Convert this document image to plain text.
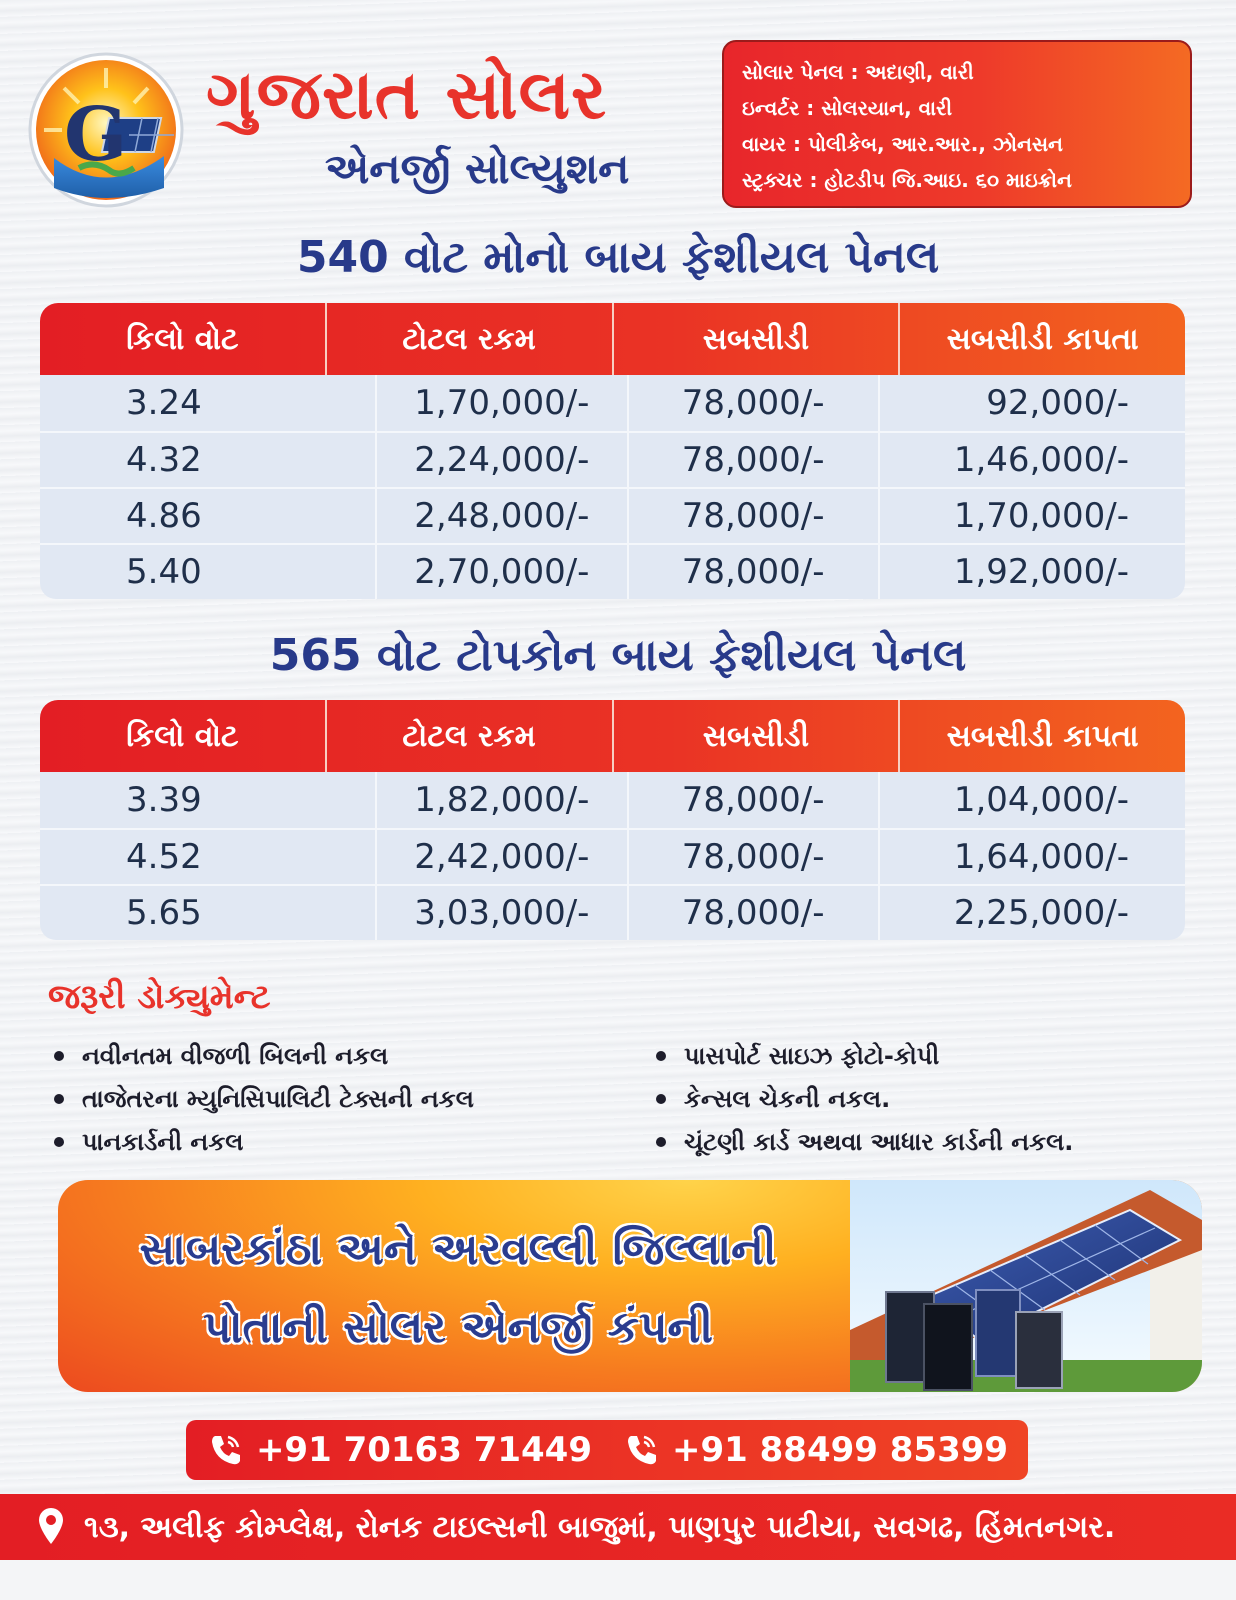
G ગુજરાત સોલર
એનર્જી સોલ્યુશન
સોલાર પેનલ : અદાણી, વારી
ઇન્વર્ટર : સોલરયાન, વારી
વાયર : પોલીકેબ, આર.આર., ઝોનસન
સ્ટ્રક્ચર : હોટડીપ જિ.આઇ. ૬૦ માઇક્રોન
540 વોટ મોનો બાય ફેશીયલ પેનલ
કિલો વોટ	ટોટલ રકમ	સબસીડી	સબસીડી કાપતા
3.24	1,70,000/-	78,000/-	92,000/-
4.32	2,24,000/-	78,000/-	1,46,000/-
4.86	2,48,000/-	78,000/-	1,70,000/-
5.40	2,70,000/-	78,000/-	1,92,000/-
565 વોટ ટોપકોન બાય ફેશીયલ પેનલ
કિલો વોટ	ટોટલ રકમ	સબસીડી	સબસીડી કાપતા
3.39	1,82,000/-	78,000/-	1,04,000/-
4.52	2,42,000/-	78,000/-	1,64,000/-
5.65	3,03,000/-	78,000/-	2,25,000/-
જરૂરી ડોક્યુમેન્ટ
નવીનતમ વીજળી બિલની નકલ
તાજેતરના મ્યુનિસિપાલિટી ટેક્સની નકલ
પાનકાર્ડની નકલ
પાસપોર્ટ સાઇઝ ફોટો-કોપી
કેન્સલ ચેકની નકલ.
ચૂંટણી કાર્ડ અથવા આધાર કાર્ડની નકલ.
સાબરકાંઠા અને અરવલ્લી જિલ્લાની
પોતાની સોલર એનર્જી કંપની
+91 70163 71449 +91 88499 85399
૧૩, અલીફ કોમ્પ્લેક્ષ, રોનક ટાઇલ્સની બાજુમાં, પાણપુર પાટીયા, સવગઢ, હિંમતનગર.
